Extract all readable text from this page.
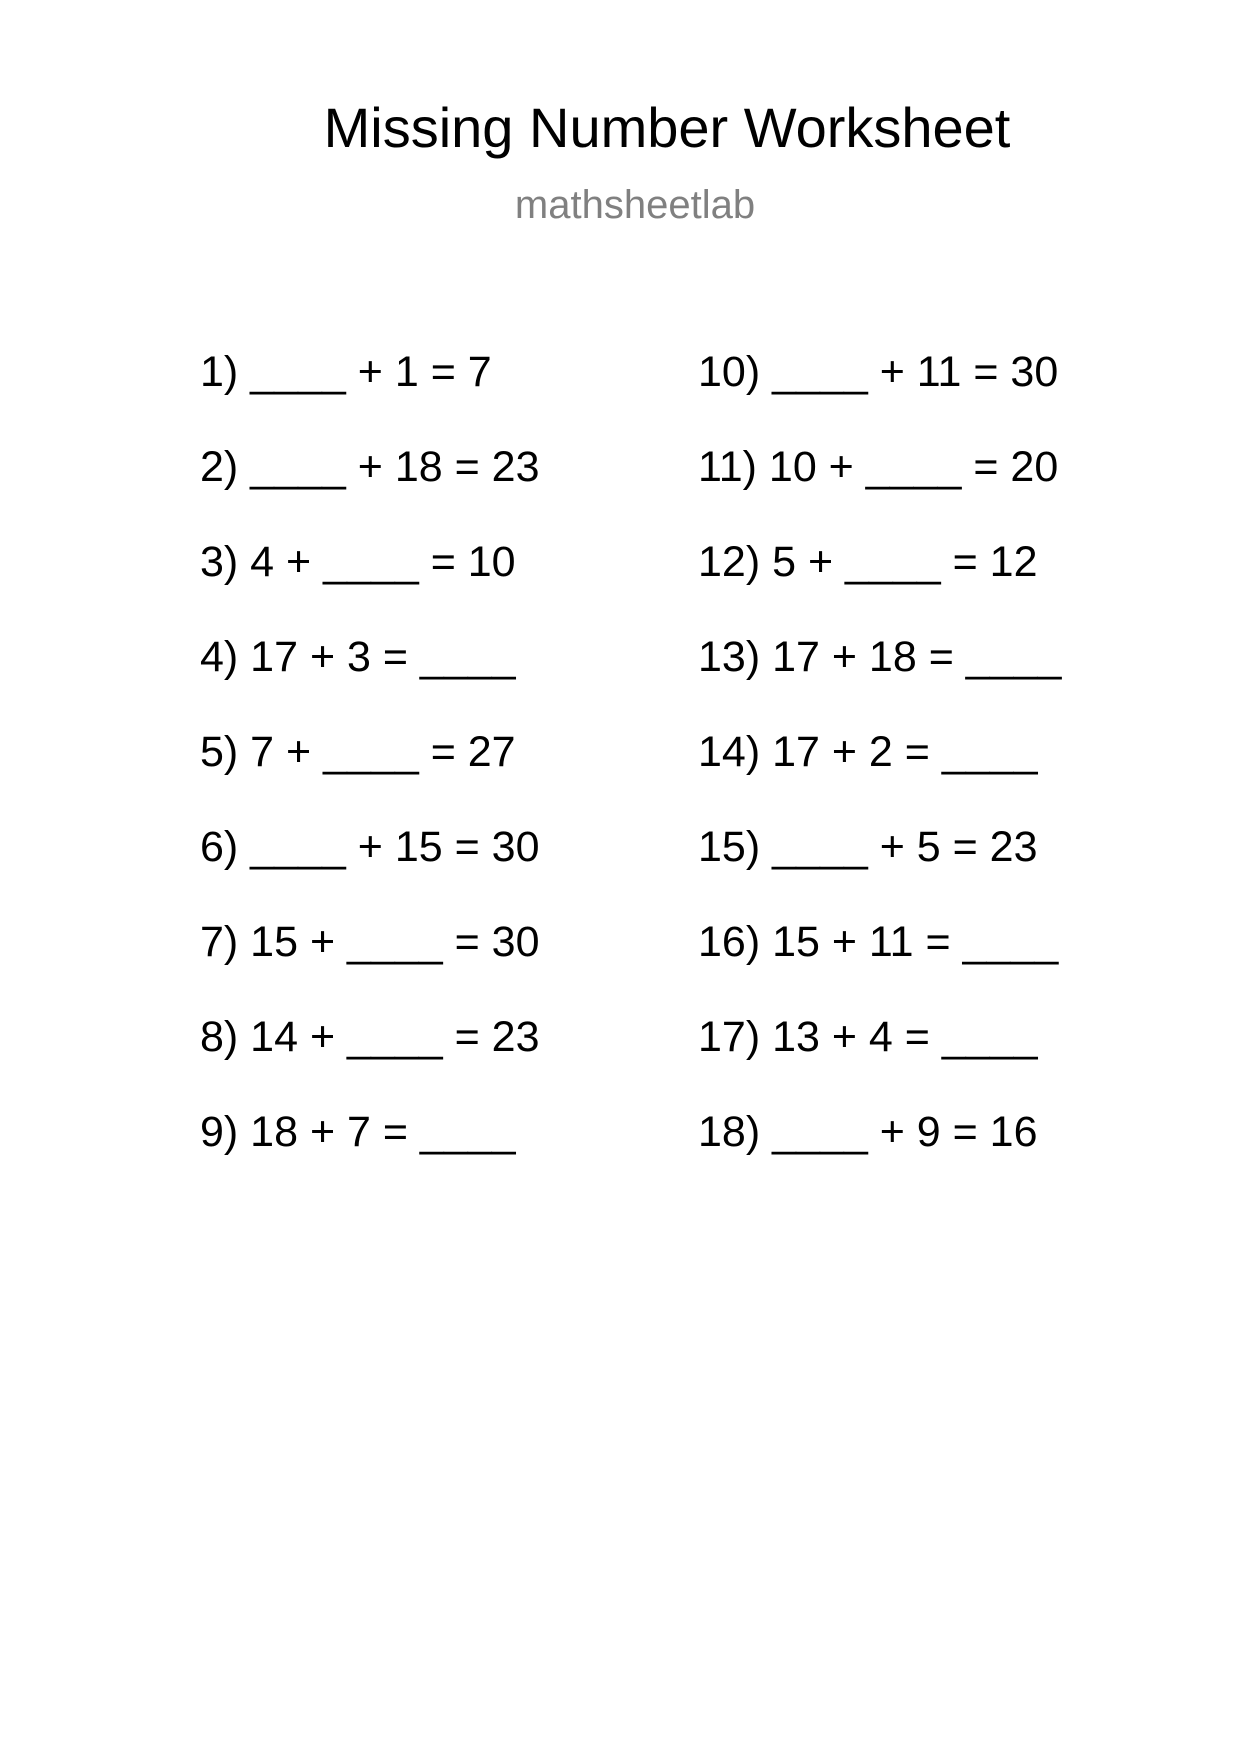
Missing Number Worksheet
mathsheetlab
1) ____ + 1 = 7
2) ____ + 18 = 23
3) 4 + ____ = 10
4) 17 + 3 = ____
5) 7 + ____ = 27
6) ____ + 15 = 30
7) 15 + ____ = 30
8) 14 + ____ = 23
9) 18 + 7 = ____
10) ____ + 11 = 30
11) 10 + ____ = 20
12) 5 + ____ = 12
13) 17 + 18 = ____
14) 17 + 2 = ____
15) ____ + 5 = 23
16) 15 + 11 = ____
17) 13 + 4 = ____
18) ____ + 9 = 16
